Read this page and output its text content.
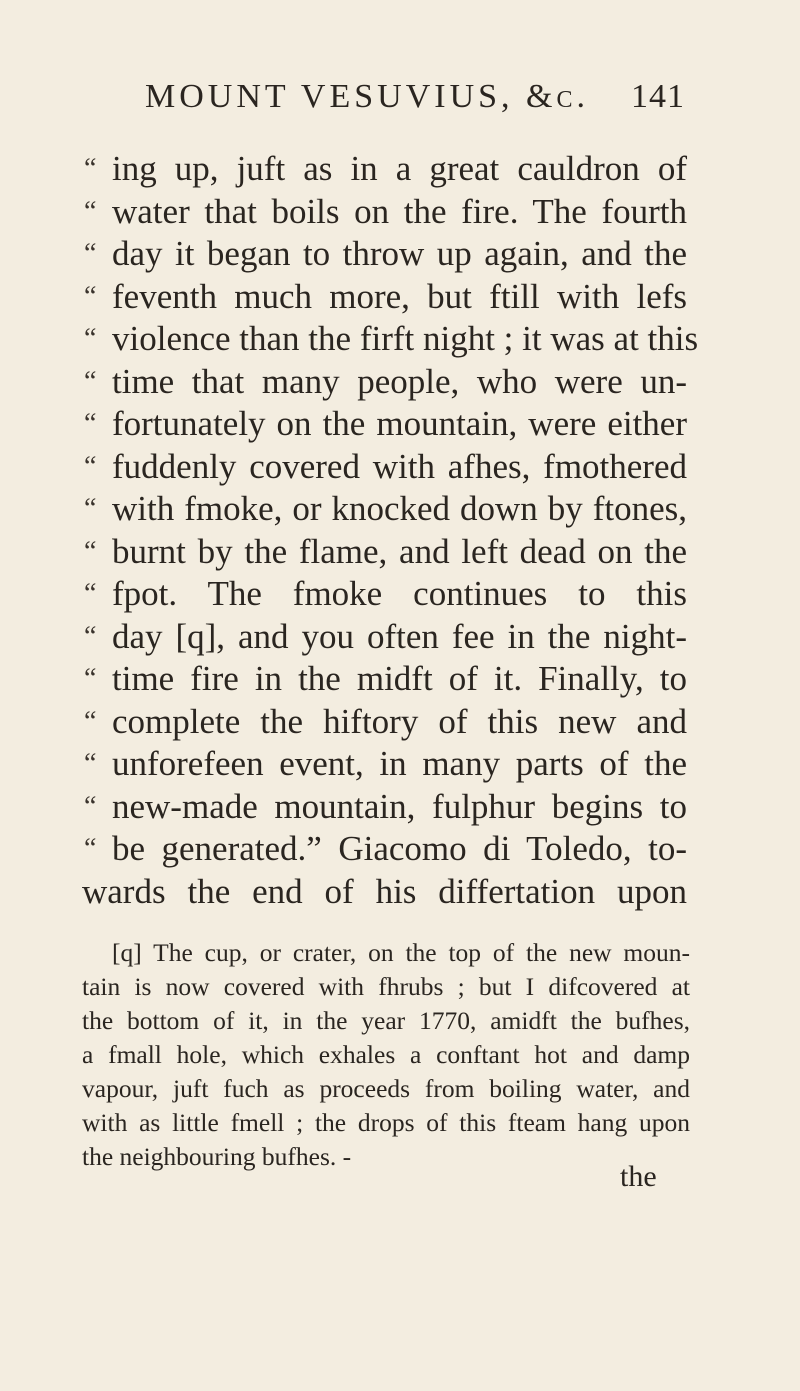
MOUNT VESUVIUS, &c. 141
“ ing up, juft as in a great cauldron of
“ water that boils on the fire. The fourth
“ day it began to throw up again, and the
“ feventh much more, but ftill with lefs
“ violence than the firft night ; it was at this
“ time that many people, who were un-
“ fortunately on the mountain, were either
“ fuddenly covered with afhes, fmothered
“ with fmoke, or knocked down by ftones,
“ burnt by the flame, and left dead on the
“ fpot. The fmoke continues to this
“ day [q], and you often fee in the night-
“ time fire in the midft of it. Finally, to
“ complete the hiftory of this new and
“ unforefeen event, in many parts of the
“ new-made mountain, fulphur begins to
“ be generated.” Giacomo di Toledo, to-
wards the end of his differtation upon
[q] The cup, or crater, on the top of the new moun-
tain is now covered with fhrubs ; but I difcovered at
the bottom of it, in the year 1770, amidft the bufhes,
a fmall hole, which exhales a conftant hot and damp
vapour, juft fuch as proceeds from boiling water, and
with as little fmell ; the drops of this fteam hang upon
the neighbouring bufhes. -
the
